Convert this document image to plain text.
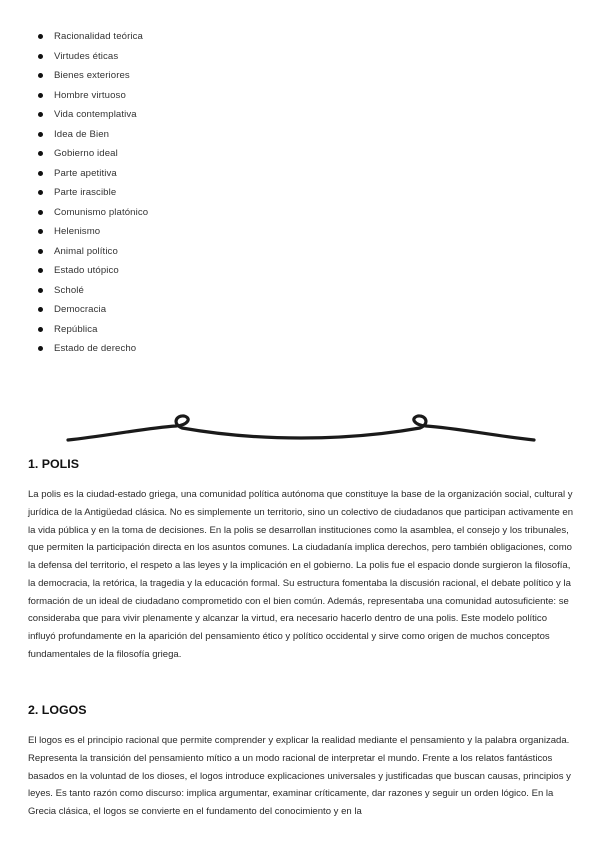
Racionalidad teórica
Virtudes éticas
Bienes exteriores
Hombre virtuoso
Vida contemplativa
Idea de Bien
Gobierno ideal
Parte apetitiva
Parte irascible
Comunismo platónico
Helenismo
Animal político
Estado utópico
Scholé
Democracia
República
Estado de derecho
1. POLIS

La polis es la ciudad-estado griega, una comunidad política autónoma que constituye la base de la organización social, cultural y jurídica de la Antigüedad clásica. No es simplemente un territorio, sino un colectivo de ciudadanos que participan activamente en la vida pública y en la toma de decisiones. En la polis se desarrollan instituciones como la asamblea, el consejo y los tribunales, que permiten la participación directa en los asuntos comunes. La ciudadanía implica derechos, pero también obligaciones, como la defensa del territorio, el respeto a las leyes y la implicación en el gobierno. La polis fue el espacio donde surgieron la filosofía, la democracia, la retórica, la tragedia y la educación formal. Su estructura fomentaba la discusión racional, el debate político y la formación de un ideal de ciudadano comprometido con el bien común. Además, representaba una comunidad autosuficiente: se consideraba que para vivir plenamente y alcanzar la virtud, era necesario hacerlo dentro de una polis. Este modelo político influyó profundamente en la aparición del pensamiento ético y político occidental y sirve como origen de muchos conceptos fundamentales de la filosofía griega.

2. LOGOS

El logos es el principio racional que permite comprender y explicar la realidad mediante el pensamiento y la palabra organizada. Representa la transición del pensamiento mítico a un modo racional de interpretar el mundo. Frente a los relatos fantásticos basados en la voluntad de los dioses, el logos introduce explicaciones universales y justificadas que buscan causas, principios y leyes. Es tanto razón como discurso: implica argumentar, examinar críticamente, dar razones y seguir un orden lógico. En la Grecia clásica, el logos se convierte en el fundamento del conocimiento y en la
